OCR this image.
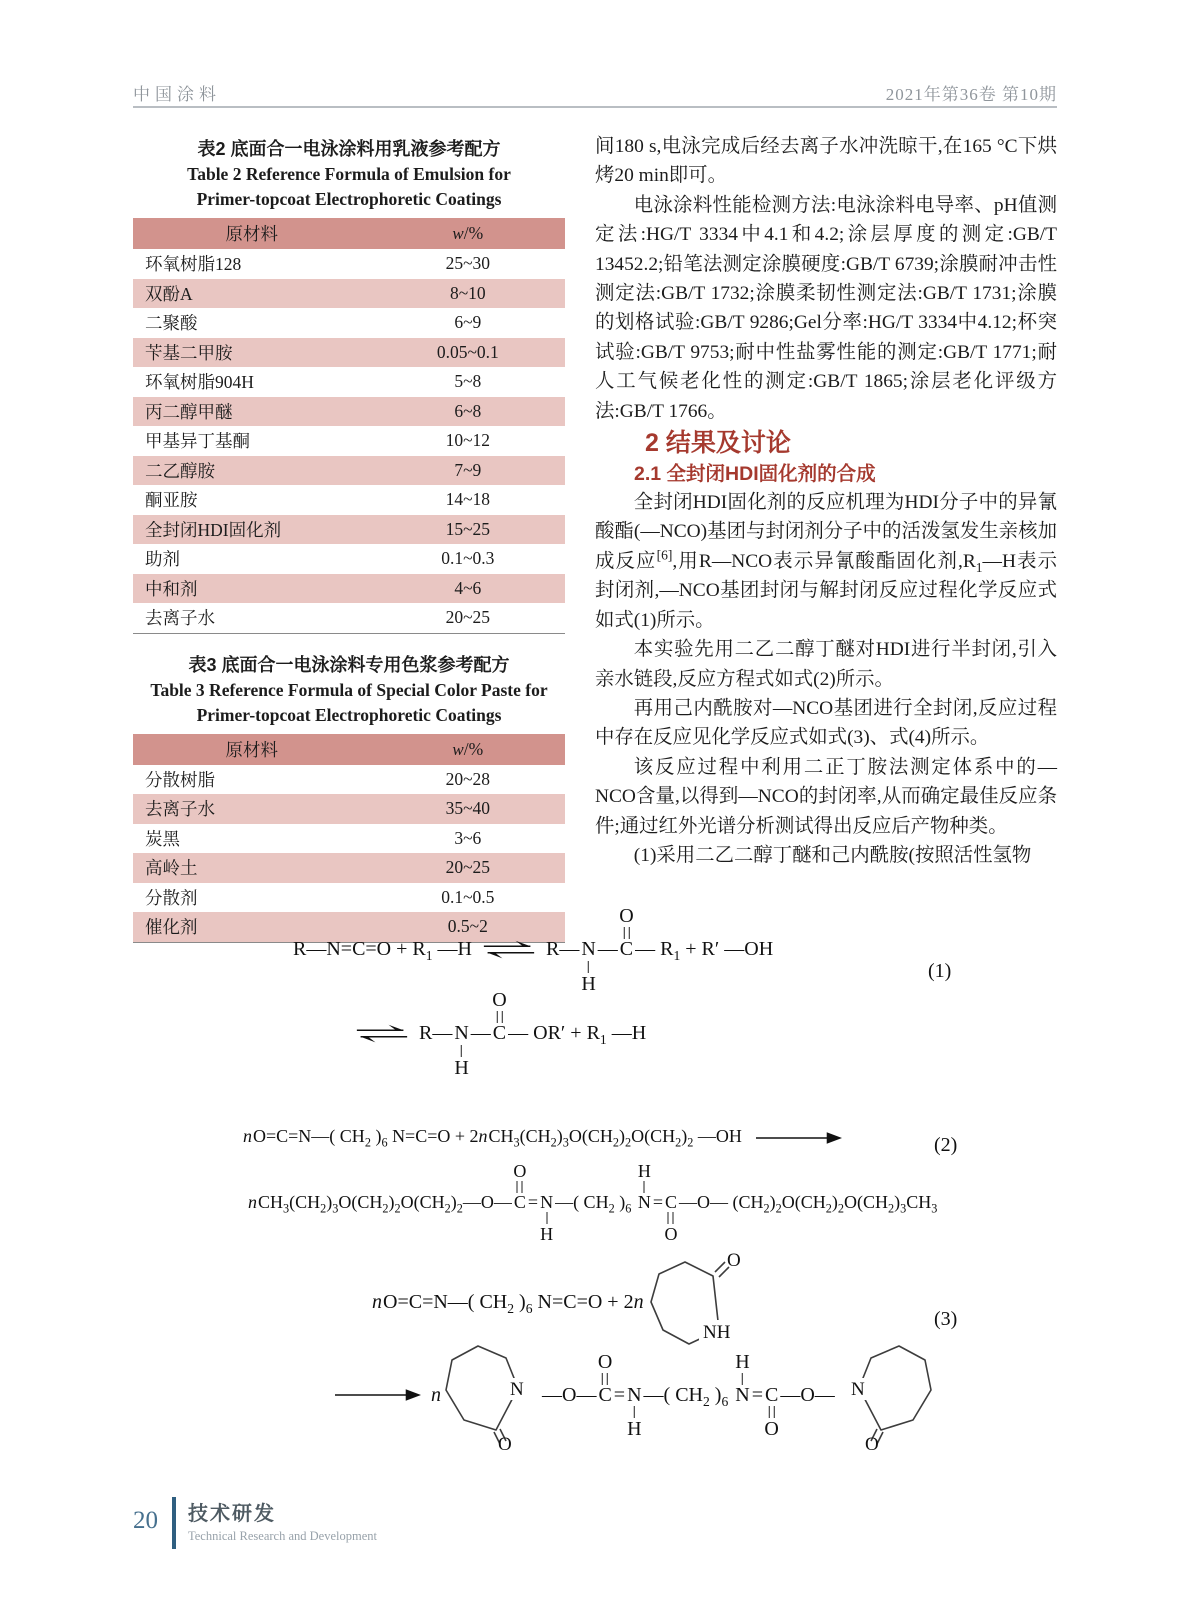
中国涂料	2021年第36卷 第10期
表2 底面合一电泳涂料用乳液参考配方
Table 2 Reference Formula of Emulsion for
Primer-topcoat Electrophoretic Coatings
原材料	w/%
环氧树脂128	25~30
双酚A	8~10
二聚酸	6~9
苄基二甲胺	0.05~0.1
环氧树脂904H	5~8
丙二醇甲醚	6~8
甲基异丁基酮	10~12
二乙醇胺	7~9
酮亚胺	14~18
全封闭HDI固化剂	15~25
助剂	0.1~0.3
中和剂	4~6
去离子水	20~25
表3 底面合一电泳涂料专用色浆参考配方
Table 3 Reference Formula of Special Color Paste for
Primer-topcoat Electrophoretic Coatings
原材料	w/%
分散树脂	20~28
去离子水	35~40
炭黑	3~6
高岭土	20~25
分散剂	0.1~0.5
催化剂	0.5~2

间180 s,电泳完成后经去离子水冲洗晾干,在165 °C下烘烤20 min即可。

电泳涂料性能检测方法:电泳涂料电导率、pH值测定法:HG/T 3334中4.1和4.2;涂层厚度的测定:GB/T 13452.2;铅笔法测定涂膜硬度:GB/T 6739;涂膜耐冲击性测定法:GB/T 1732;涂膜柔韧性测定法:GB/T 1731;涂膜的划格试验:GB/T 9286;Gel分率:HG/T 3334中4.12;杯突试验:GB/T 9753;耐中性盐雾性能的测定:GB/T 1771;耐人工气候老化性的测定:GB/T 1865;涂层老化评级方法:GB/T 1766。

2 结果及讨论

2.1 全封闭HDI固化剂的合成

全封闭HDI固化剂的反应机理为HDI分子中的异氰酸酯(—NCO)基团与封闭剂分子中的活泼氢发生亲核加成反应[6],用R—NCO表示异氰酸酯固化剂$,R_1—H$表示封闭剂,—NCO基团封闭与解封闭反应过程化学反应式如式(1)所示。

本实验先用二乙二醇丁醚对HDI进行半封闭,引入亲水链段,反应方程式如式(2)所示。

再用己内酰胺对—NCO基团进行全封闭,反应过程中存在反应见化学反应式如式(3)、式(4)所示。

该反应过程中利用二正丁胺法测定体系中的—NCO含量,以得到—NCO的封闭率,从而确定最佳反应条件;通过红外光谱分析测试得出反应后产物种类。

(1)采用二乙二醇丁醚和己内酰胺(按照活性氢物

R—N=C=O + $R_1$ —H ⇌ R— N
H
— C
O
— $R_1 + R'$ —OH
⇌ R— N
H
— C
O
— $OR' + R_1$ —H
(1)
nO=C=N—( $CH_2$ )$_6$ $N=C=O + 2nCH_3(CH_2)_3O(CH_2)_2O(CH_2)_2$ —OH
$nCH_3(CH_2)_3O(CH_2)_2O(CH_2)_2—O—$ C
O
= N
H
—( $CH_2$ )$_6$ N
H
= C
O
—O— $(CH_2)_2O(CH_2)_2O(CH_2)_3CH_3$
(2)
nO=C=N—( $CH_2$ )$_6$ N=C=O + 2n
O
NH
(3)
n
O
N —O— C
O
= N
H
—( $CH_2$ )$_6$ N
H
= C
O
—O—
O
N
20 技术研发
Technical Research and Development
